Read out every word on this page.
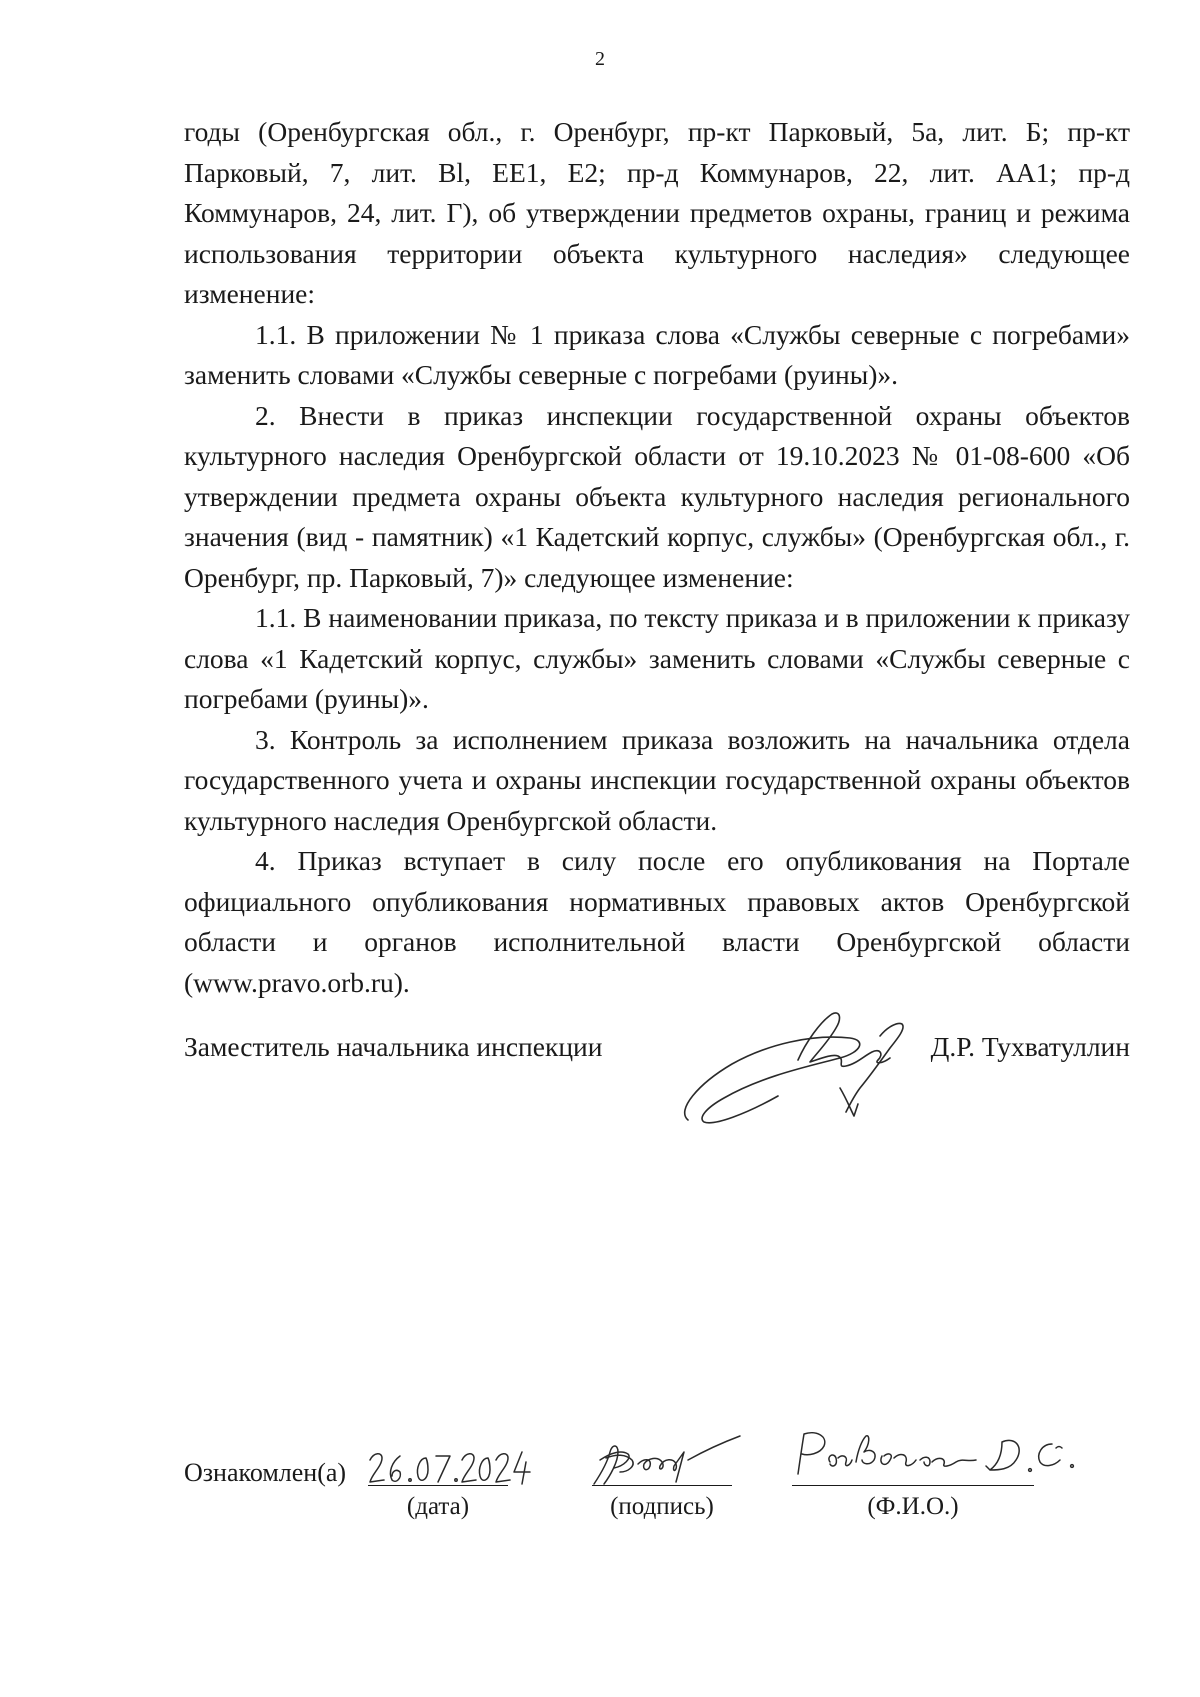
2

годы (Оренбургская обл., г. Оренбург, пр-кт Парковый, 5а, лит. Б; пр-кт Парковый, 7, лит. Bl, EE1, E2; пр-д Коммунаров, 22, лит. AA1; пр-д Коммунаров, 24, лит. Г), об утверждении предметов охраны, границ и режима использования территории объекта культурного наследия» следующее изменение:

1.1. В приложении № 1 приказа слова «Службы северные с погребами» заменить словами «Службы северные с погребами (руины)».

2. Внести в приказ инспекции государственной охраны объектов культурного наследия Оренбургской области от 19.10.2023 № 01-08-600 «Об утверждении предмета охраны объекта культурного наследия регионального значения (вид - памятник) «1 Кадетский корпус, службы» (Оренбургская обл., г. Оренбург, пр. Парковый, 7)» следующее изменение:

1.1. В наименовании приказа, по тексту приказа и в приложении к приказу слова «1 Кадетский корпус, службы» заменить словами «Службы северные с погребами (руины)».

3. Контроль за исполнением приказа возложить на начальника отдела государственного учета и охраны инспекции государственной охраны объектов культурного наследия Оренбургской области.

4. Приказ вступает в силу после его опубликования на Портале официального опубликования нормативных правовых актов Оренбургской области и органов исполнительной власти Оренбургской области (www.pravo.orb.ru).

Заместитель начальника инспекции	Д.Р. Тухватуллин
Ознакомлен(а)
(дата)	(подпись)	(Ф.И.О.)
